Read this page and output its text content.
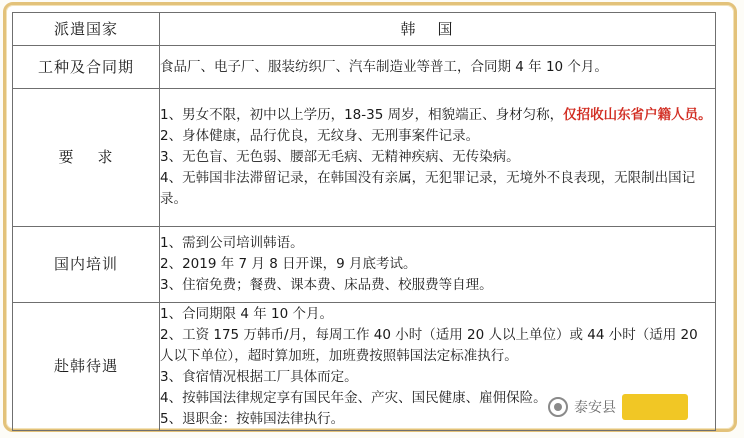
派遣国家	韩国
工种及合同期	食品厂、电子厂、服装纺织厂、汽车制造业等普工，合同期 4 年 10 个月。
要    求	1、男女不限，初中以上学历，18-35 周岁，相貌端正、身材匀称，仅招收山东省户籍人员。
2、身体健康，品行优良，无纹身、无刑事案件记录。
3、无色盲、无色弱、腰部无毛病、无精神疾病、无传染病。
4、无韩国非法滞留记录，在韩国没有亲属，无犯罪记录，无境外不良表现，无限制出国记录。

国内培训	1、需到公司培训韩语。
2、2019 年 7 月 8 日开课，9 月底考试。
3、住宿免费；餐费、课本费、床品费、校服费等自理。

赴韩待遇	1、合同期限 4 年 10 个月。
2、工资 175 万韩币/月，每周工作 40 小时（适用 20 人以上单位）或 44 小时（适用 20 人以下单位），超时算加班，加班费按照韩国法定标准执行。
3、食宿情况根据工厂具体而定。
4、按韩国法律规定享有国民年金、产灾、国民健康、雇佣保险。
5、退职金：按韩国法律执行。
泰安县
